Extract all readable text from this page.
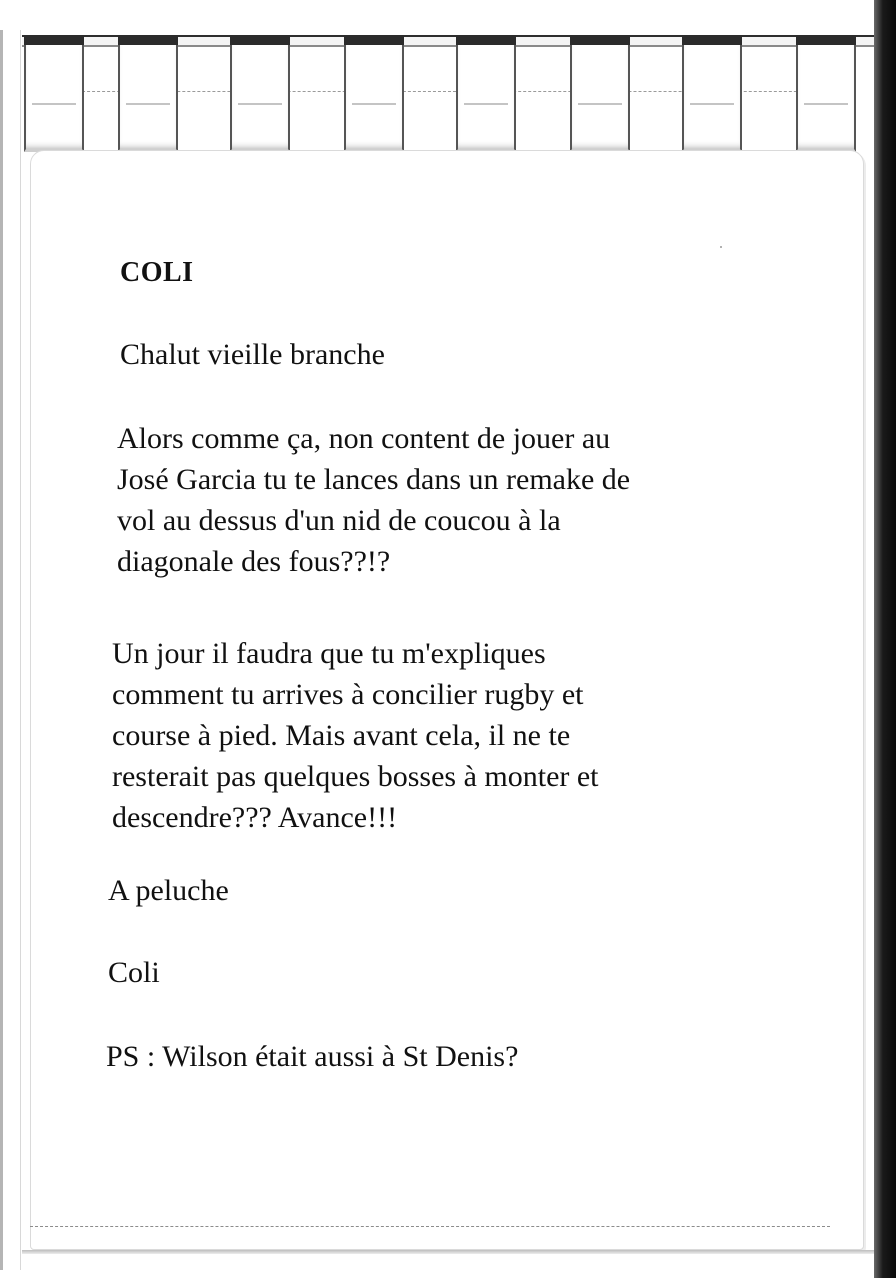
COLI

Chalut vieille branche

Alors comme ça, non content de jouer au
José Garcia tu te lances dans un remake de
vol au dessus d'un nid de coucou à la
diagonale des fous??!?
Un jour il faudra que tu m'expliques
comment tu arrives à concilier rugby et
course à pied. Mais avant cela, il ne te
resterait pas quelques bosses à monter et
descendre??? Avance!!!

A peluche

Coli

PS : Wilson était aussi à St Denis?
